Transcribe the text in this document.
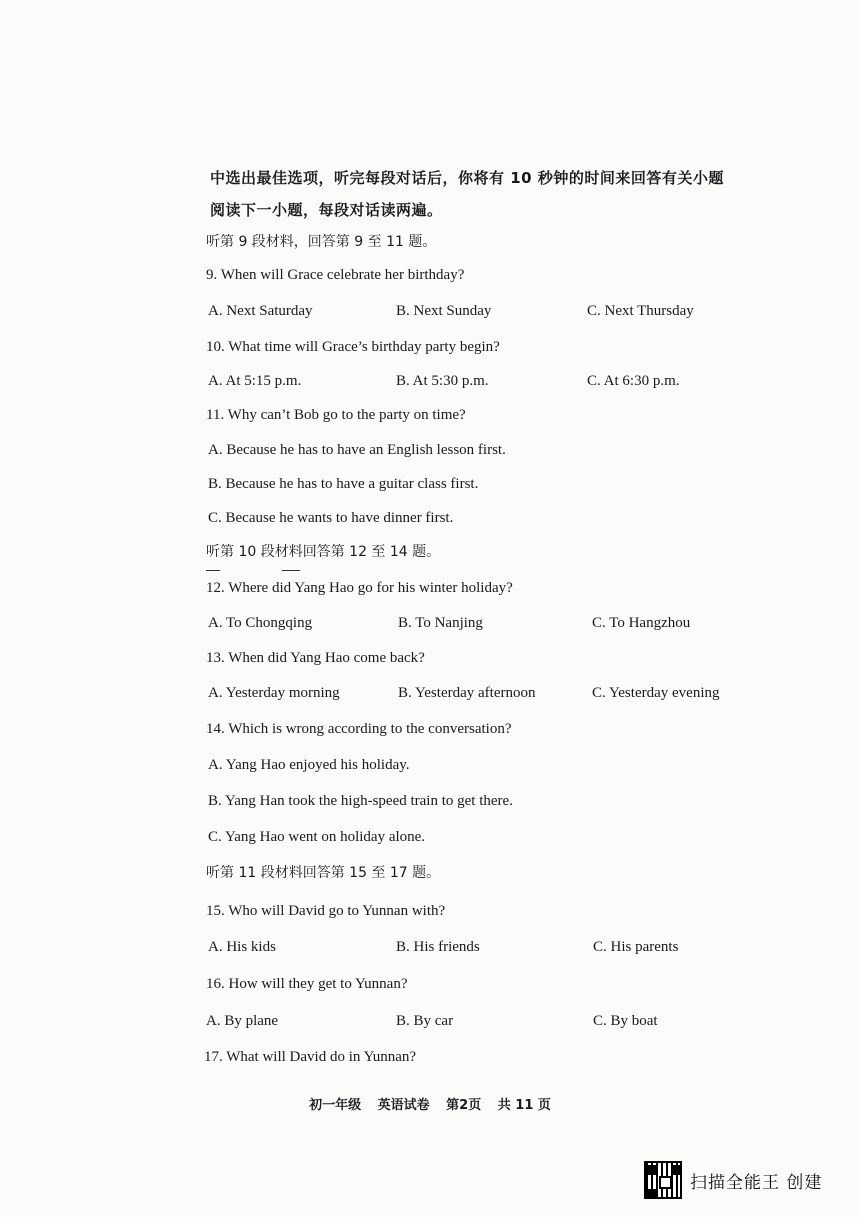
中选出最佳选项，听完每段对话后，你将有 10 秒钟的时间来回答有关小题
阅读下一小题，每段对话读两遍。
听第 9 段材料，回答第 9 至 11 题。
9. When will Grace celebrate her birthday?
A. Next Saturday	B. Next Sunday	C. Next Thursday
10. What time will Grace’s birthday party begin?
A. At 5:15 p.m.	B. At 5:30 p.m.	C. At 6:30 p.m.
11. Why can’t Bob go to the party on time?
A. Because he has to have an English lesson first.
B. Because he has to have a guitar class first.
C. Because he wants to have dinner first.
听第 10 段材料回答第 12 至 14 题。
12. Where did Yang Hao go for his winter holiday?
A. To Chongqing	B. To Nanjing	C. To Hangzhou
13. When did Yang Hao come back?
A. Yesterday morning	B. Yesterday afternoon	C. Yesterday evening
14. Which is wrong according to the conversation?
A. Yang Hao enjoyed his holiday.
B. Yang Han took the high-speed train to get there.
C. Yang Hao went on holiday alone.
听第 11 段材料回答第 15 至 17 题。
15. Who will David go to Yunnan with?
A. His kids	B. His friends	C. His parents
16. How will they get to Yunnan?
A. By plane	B. By car	C. By boat
17. What will David do in Yunnan?
初一年级 英语试卷 第2页 共 11 页
扫描全能王 创建
